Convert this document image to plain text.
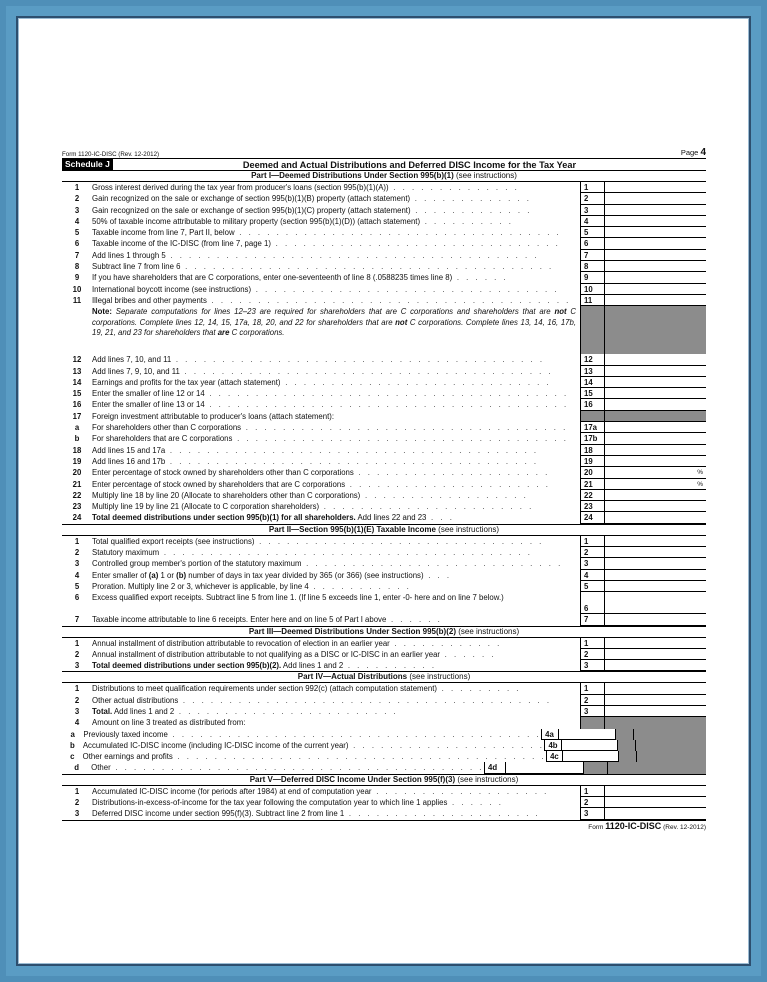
Form 1120-IC-DISC (Rev. 12-2012)	Page 4
Schedule J	Deemed and Actual Distributions and Deferred DISC Income for the Tax Year
Part I—Deemed Distributions Under Section 995(b)(1) (see instructions)
1	Gross interest derived during the tax year from producer's loans (section 995(b)(1)(A)) . . . . . . . . . . . . . .	1
2	Gain recognized on the sale or exchange of section 995(b)(1)(B) property (attach statement) . . . . . . . . . . . . .	2
3	Gain recognized on the sale or exchange of section 995(b)(1)(C) property (attach statement) . . . . . . . . . . . . .	3
4	50% of taxable income attributable to military property (section 995(b)(1)(D)) (attach statement) . . . . . . . . . .	4
5	Taxable income from line 7, Part II, below . . . . . . . . . . . . . . . . . . . . . . . . . . . . . . . . . . .	5
6	Taxable income of the IC-DISC (from line 7, page 1) . . . . . . . . . . . . . . . . . . . . . . . . . . . . . . .	6
7	Add lines 1 through 5 . . . . . . . . . . . . . . . . . . . . . . . . . . . . . . . . . . . . . . . .	7
8	Subtract line 7 from line 6 . . . . . . . . . . . . . . . . . . . . . . . . . . . . . . . . . . . . . . . .	8
9	If you have shareholders that are C corporations, enter one-seventeenth of line 8 (.0588235 times line 8) . . . . . .	9
10	International boycott income (see instructions) . . . . . . . . . . . . . . . . . . . . . . . . . . . . . . . . .	10
11	Illegal bribes and other payments . . . . . . . . . . . . . . . . . . . . . . . . . . . . . . . . . . . . . . .	11
Note: Separate computations for lines 12–23 are required for shareholders that are C corporations and shareholders that are not C corporations. Complete lines 12, 14, 15, 17a, 18, 20, and 22 for shareholders that are not C corporations. Complete lines 13, 14, 16, 17b, 19, 21, and 23 for shareholders that are C corporations.
12	Add lines 7, 10, and 11 . . . . . . . . . . . . . . . . . . . . . . . . . . . . . . . . . . . . . . . .	12
13	Add lines 7, 9, 10, and 11 . . . . . . . . . . . . . . . . . . . . . . . . . . . . . . . . . . . . . . . .	13
14	Earnings and profits for the tax year (attach statement) . . . . . . . . . . . . . . . . . . . . . . . . . . . . .	14
15	Enter the smaller of line 12 or 14 . . . . . . . . . . . . . . . . . . . . . . . . . . . . . . . . . . . . . . .	15
16	Enter the smaller of line 13 or 14 . . . . . . . . . . . . . . . . . . . . . . . . . . . . . . . . . . . . . . .	16
17	Foreign investment attributable to producer's loans (attach statement):
a	For shareholders other than C corporations . . . . . . . . . . . . . . . . . . . . . . . . . . . . . . . . . . .	17a
b	For shareholders that are C corporations . . . . . . . . . . . . . . . . . . . . . . . . . . . . . . . . . . . .	17b
18	Add lines 15 and 17a . . . . . . . . . . . . . . . . . . . . . . . . . . . . . . . . . . . . . . . .	18
19	Add lines 16 and 17b . . . . . . . . . . . . . . . . . . . . . . . . . . . . . . . . . . . . . . . .	19
20	Enter percentage of stock owned by shareholders other than C corporations . . . . . . . . . . . . . . . . . . . . .	20	%
21	Enter percentage of stock owned by shareholders that are C corporations . . . . . . . . . . . . . . . . . . . . . .	21	%
22	Multiply line 18 by line 20 (Allocate to shareholders other than C corporations) . . . . . . . . . . . . . . . . . .	22
23	Multiply line 19 by line 21 (Allocate to C corporation shareholders) . . . . . . . . . . . . . . . . . . . . . . .	23
24	Total deemed distributions under section 995(b)(1) for all shareholders. Add lines 22 and 23 . . .	24
Part II—Section 995(b)(1)(E) Taxable Income (see instructions)
1	Total qualified export receipts (see instructions) . . . . . . . . . . . . . . . . . . . . . . . . . . . . . . .	1
2	Statutory maximum . . . . . . . . . . . . . . . . . . . . . . . . . . . . . . . . . . . . . . . .	2
3	Controlled group member's portion of the statutory maximum . . . . . . . . . . . . . . . . . . . . . . . . . . . .	3
4	Enter smaller of (a) 1 or (b) number of days in tax year divided by 365 (or 366) (see instructions) . . .	4
5	Proration. Multiply line 2 or 3, whichever is applicable, by line 4 . . . . . . . . . . .	5
6	Excess qualified export receipts. Subtract line 5 from line 1. (If line 5 exceeds line 1, enter -0- here and on line 7 below.)
6
7	Taxable income attributable to line 6 receipts. Enter here and on line 5 of Part I above . . . . . .	7
Part III—Deemed Distributions Under Section 995(b)(2) (see instructions)
1	Annual installment of distribution attributable to revocation of election in an earlier year . . . . . . . . . . . .	1
2	Annual installment of distribution attributable to not qualifying as a DISC or IC-DISC in an earlier year . . . . . .	2
3	Total deemed distributions under section 995(b)(2). Add lines 1 and 2 . . . . . . . . . .	3
Part IV—Actual Distributions (see instructions)
1	Distributions to meet qualification requirements under section 992(c) (attach computation statement) . . . . . . . . .	1
2	Other actual distributions . . . . . . . . . . . . . . . . . . . . . . . . . . . . . . . . . . . . . . . .	2
3	Total. Add lines 1 and 2 . . . . . . . . . . . . . . . . . . . . . . . .	3
4	Amount on line 3 treated as distributed from:
a	Previously taxed income . . . . . . . . . . . . . . . . . . . . . . . . . . . . . . . . . . . . . . . . 4a
b	Accumulated IC-DISC income (including IC-DISC income of the current year) . . . . . . . . . . . . . . . . . . . . . 4b
c	Other earnings and profits . . . . . . . . . . . . . . . . . . . . . . . . . . . . . . . . . . . . . . . . 4c
d	Other . . . . . . . . . . . . . . . . . . . . . . . . . . . . . . . . . . . . . . . . 4d
Part V—Deferred DISC Income Under Section 995(f)(3) (see instructions)
1	Accumulated IC-DISC income (for periods after 1984) at end of computation year . . . . . . . . . . . . . . . . . . .	1
2	Distributions-in-excess-of-income for the tax year following the computation year to which line 1 applies . . . . . .	2
3	Deferred DISC income under section 995(f)(3). Subtract line 2 from line 1 . . . . . . . . . . . . . . . . . . . . .	3
Form 1120-IC-DISC (Rev. 12-2012)
